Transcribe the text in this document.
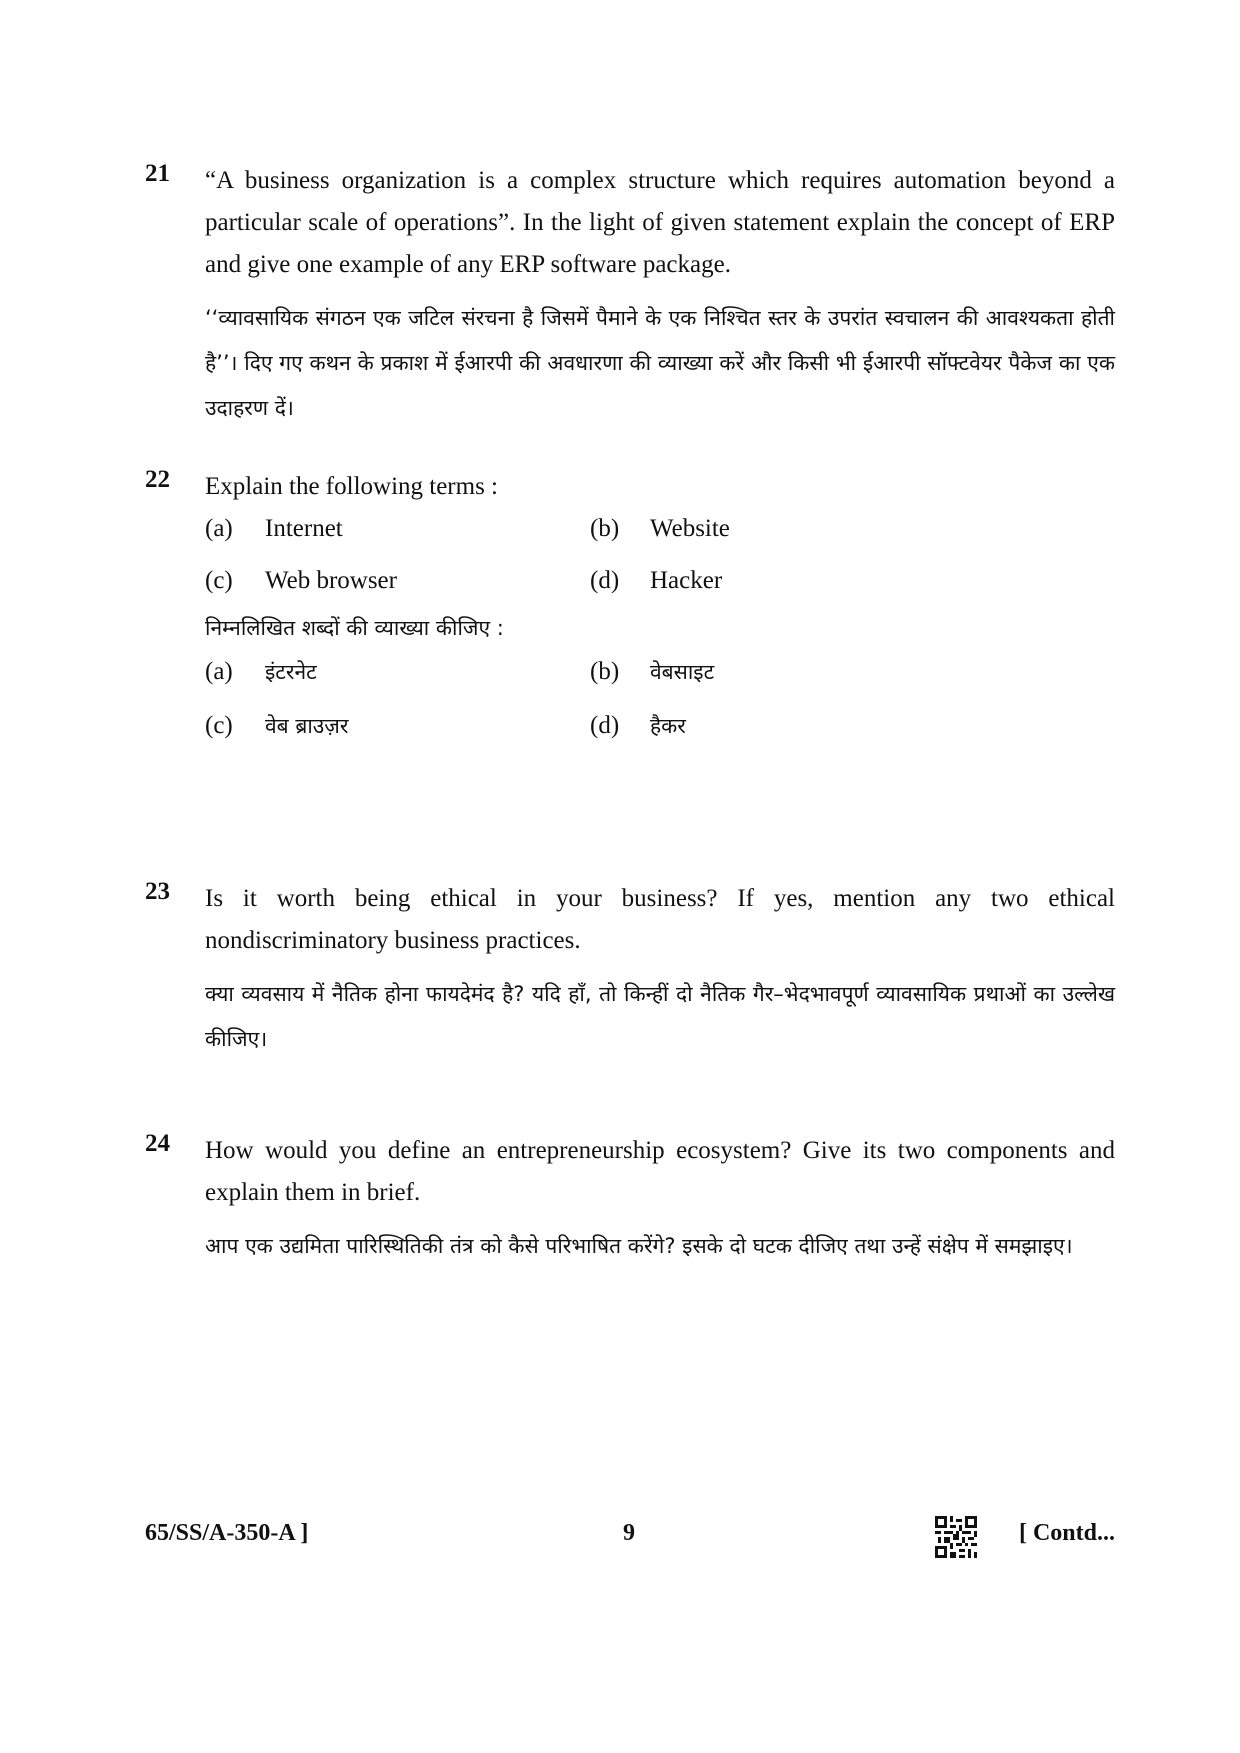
21 “A business organization is a complex structure which requires automation beyond a particular scale of operations”. In the light of given statement explain the concept of ERP and give one example of any ERP software package.
‘‘व्यावसायिक संगठन एक जटिल संरचना है जिसमें पैमाने के एक निश्चित स्तर के उपरांत स्वचालन की आवश्यकता होती है’’। दिए गए कथन के प्रकाश में ईआरपी की अवधारणा की व्याख्या करें और किसी भी ईआरपी सॉफ्टवेयर पैकेज का एक उदाहरण दें।
22 Explain the following terms :
(a)	Internet	(b)	Website
(c)	Web browser	(d)	Hacker
निम्नलिखित शब्दों की व्याख्या कीजिए :
(a)	इंटरनेट	(b)	वेबसाइट
(c)	वेब ब्राउज़र	(d)	हैकर
23 Is it worth being ethical in your business? If yes, mention any two ethical nondiscriminatory business practices.
क्या व्यवसाय में नैतिक होना फायदेमंद है? यदि हाँ, तो किन्हीं दो नैतिक गैर–भेदभावपूर्ण व्यावसायिक प्रथाओं का उल्लेख कीजिए।
24 How would you define an entrepreneurship ecosystem? Give its two components and explain them in brief.
आप एक उद्यमिता पारिस्थितिकी तंत्र को कैसे परिभाषित करेंगे? इसके दो घटक दीजिए तथा उन्हें संक्षेप में समझाइए।
65/SS/A-350-A ]	9	[ Contd...
